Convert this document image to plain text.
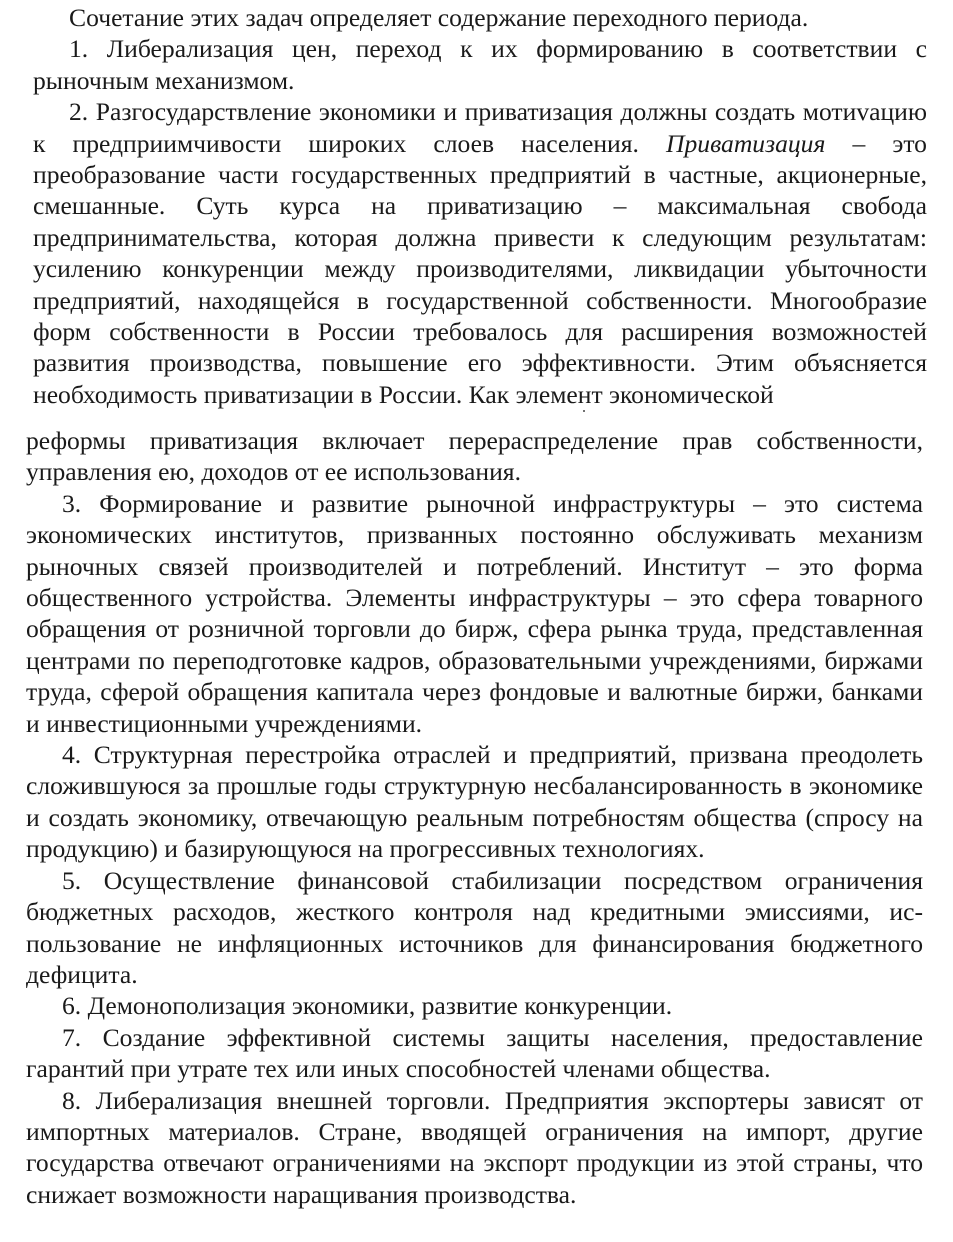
Сочетание этих задач определяет содержание переходного периода.

1. Либерализация цен, переход к их формированию в соответствии с рыночным механизмом.

2. Разгосударствление экономики и приватизация должны создать мотиvацию к предприимчивости широких слоев населения. Приватизация – это преобразование части государственных предприятий в частные, акционерные, смешанные. Суть курса на приватизацию – максимальная свобода предпринимательства, которая должна привести к следующим результатам: усилению конкуренции между производителями, ликвидации убыточности предприятий, находящейся в государственной собственности. Многообразие форм собственности в России требовалось для расширения возможностей развития производства, повышение его эффективности. Этим объясняется необходимость приватизации в России. Как элемент экономической

реформы приватизация включает перераспределение прав собственности, управления ею, доходов от ее использования.

3. Формирование и развитие рыночной инфраструктуры – это система экономических институтов, призванных постоянно обслуживать механизм рыночных связей производителей и потреблений. Институт – это форма общественного устройства. Элементы инфраструктуры – это сфера товарного обращения от розничной торговли до бирж, сфера рынка труда, представленная центрами по переподготовке кадров, образовательными учреждениями, биржами труда, сферой обращения капитала через фондовые и валютные биржи, банками и инвестиционными учреждениями.

4. Структурная перестройка отраслей и предприятий, призвана преодолеть сложившуюся за прошлые годы структурную несбалансированность в экономике и создать экономику, отвечающую реальным потребностям общества (спросу на продукцию) и базирующуюся на прогрессивных технологиях.

5. Осуществление финансовой стабилизации посредством ограничения бюджетных расходов, жесткого контроля над кредитными эмиссиями, использование не инфляционных источников для финансирования бюджетного дефицита.

6. Демонополизация экономики, развитие конкуренции.

7. Создание эффективной системы защиты населения, предоставление гарантий при утрате тех или иных способностей членами общества.

8. Либерализация внешней торговли. Предприятия экспортеры зависят от импортных материалов. Стране, вводящей ограничения на импорт, другие государства отвечают ограничениями на экспорт продукции из этой страны, что снижает возможности наращивания производства.
